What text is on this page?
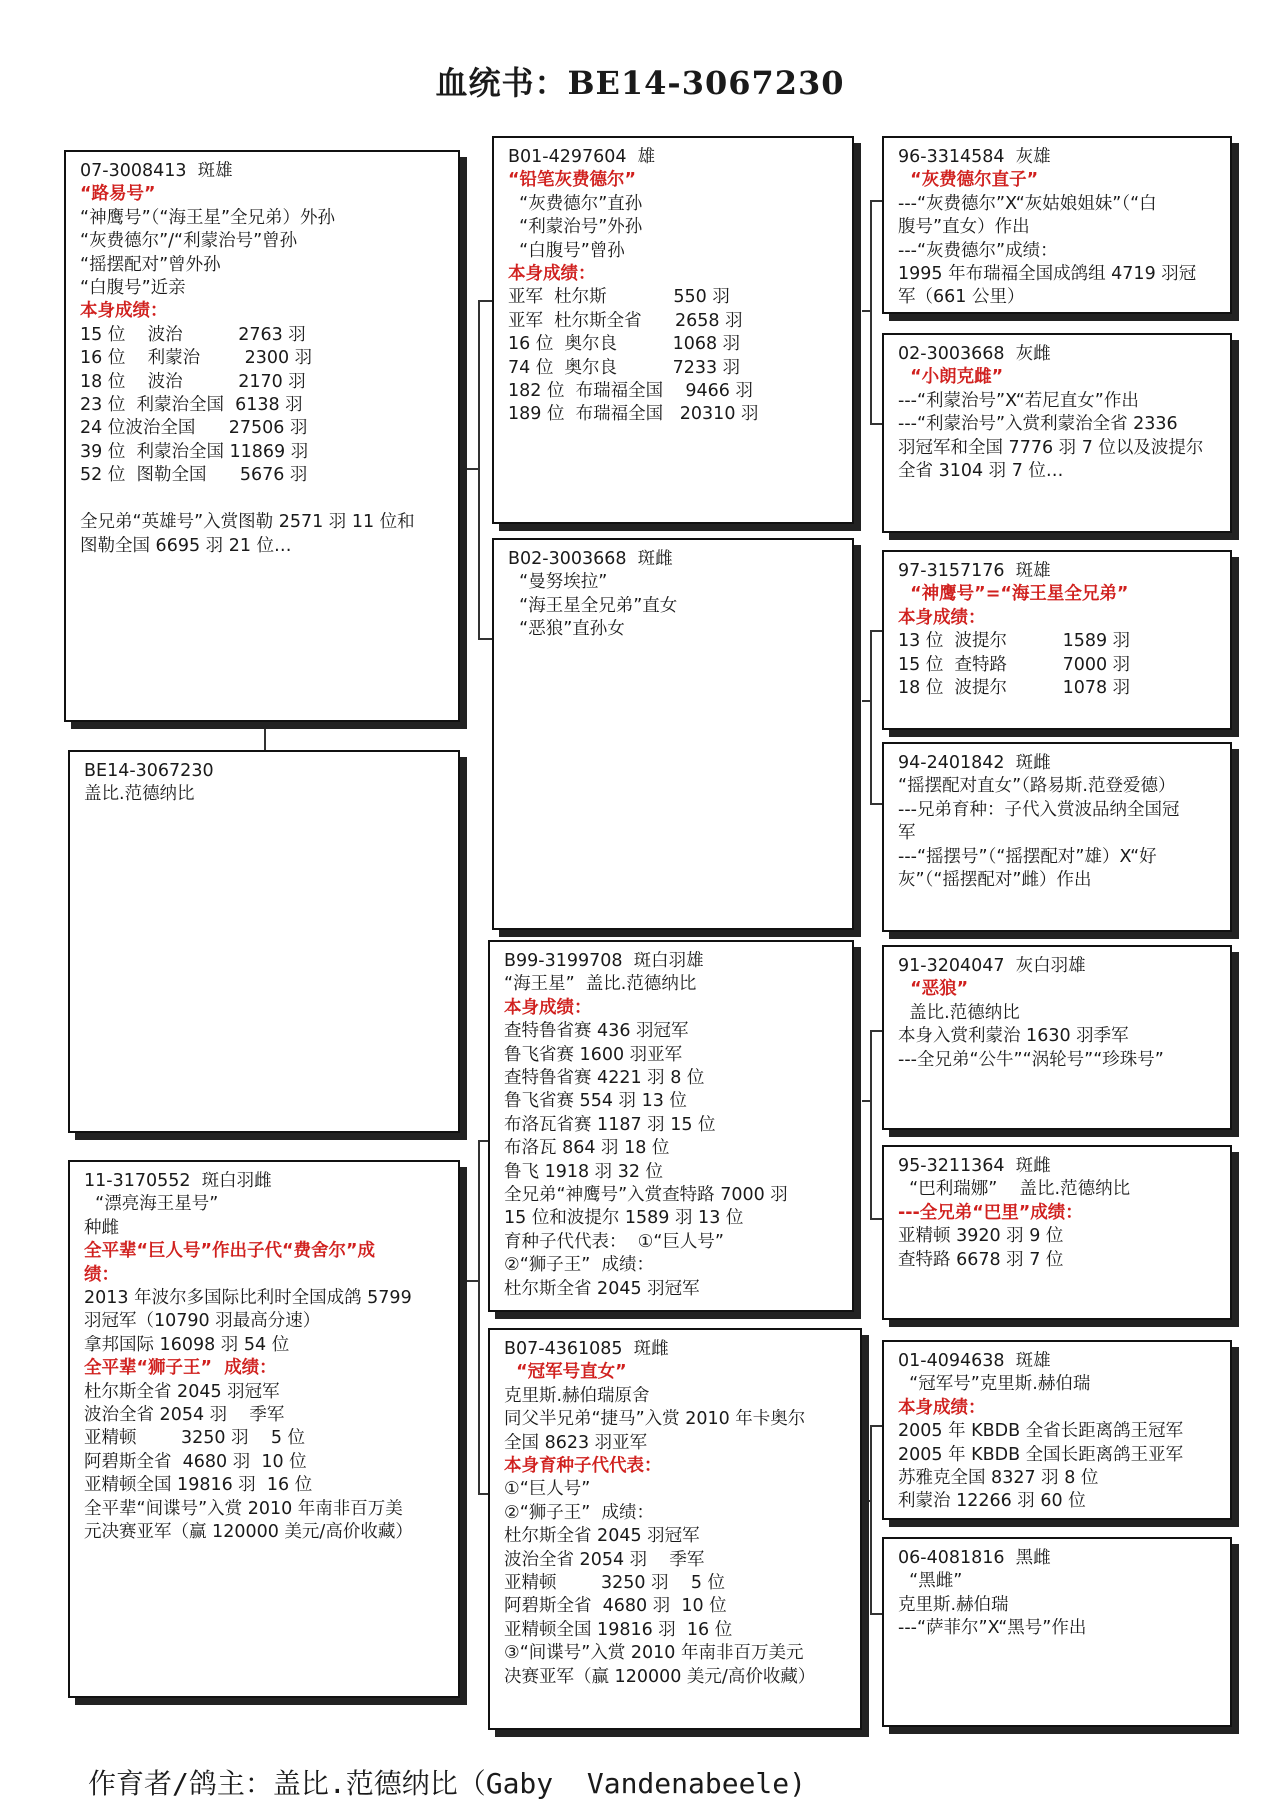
血统书：BE14-3067230
07-3008413  斑雄
“路易号”
“神鹰号”（“海王星”全兄弟）外孙
“灰费德尔”/“利蒙治号”曾孙
“摇摆配对”曾外孙
“白腹号”近亲
本身成绩：
15 位    波治          2763 羽
16 位    利蒙治        2300 羽
18 位    波治          2170 羽
23 位  利蒙治全国  6138 羽
24 位波治全国      27506 羽
39 位  利蒙治全国 11869 羽
52 位  图勒全国      5676 羽

全兄弟“英雄号”入赏图勒 2571 羽 11 位和
图勒全国 6695 羽 21 位…
BE14-3067230
盖比.范德纳比
11-3170552  斑白羽雌
“漂亮海王星号”
种雌
全平辈“巨人号”作出子代“费舍尔”成
绩：
2013 年波尔多国际比利时全国成鸽 5799
羽冠军（10790 羽最高分速）
拿邦国际 16098 羽 54 位
全平辈“狮子王”  成绩：
杜尔斯全省 2045 羽冠军
波治全省 2054 羽    季军
亚精顿        3250 羽    5 位
阿碧斯全省  4680 羽  10 位
亚精顿全国 19816 羽  16 位
全平辈“间谍号”入赏 2010 年南非百万美
元决赛亚军（赢 120000 美元/高价收藏）
B01-4297604  雄
“铅笔灰费德尔”
“灰费德尔”直孙
“利蒙治号”外孙
“白腹号”曾孙
本身成绩：
亚军  杜尔斯            550 羽
亚军  杜尔斯全省      2658 羽
16 位  奥尔良          1068 羽
74 位  奥尔良          7233 羽
182 位  布瑞福全国    9466 羽
189 位  布瑞福全国   20310 羽
B02-3003668  斑雌
“曼努埃拉”
“海王星全兄弟”直女
“恶狼”直孙女
B99-3199708  斑白羽雄
“海王星”  盖比.范德纳比
本身成绩：
查特鲁省赛 436 羽冠军
鲁飞省赛 1600 羽亚军
查特鲁省赛 4221 羽 8 位
鲁飞省赛 554 羽 13 位
布洛瓦省赛 1187 羽 15 位
布洛瓦 864 羽 18 位
鲁飞 1918 羽 32 位
全兄弟“神鹰号”入赏查特路 7000 羽
15 位和波提尔 1589 羽 13 位
育种子代代表：  ①“巨人号”
②“狮子王”  成绩：
杜尔斯全省 2045 羽冠军
B07-4361085  斑雌
“冠军号直女”
克里斯.赫伯瑞原舍
同父半兄弟“捷马”入赏 2010 年卡奥尔
全国 8623 羽亚军
本身育种子代代表：
①“巨人号”
②“狮子王”  成绩：
杜尔斯全省 2045 羽冠军
波治全省 2054 羽    季军
亚精顿        3250 羽    5 位
阿碧斯全省  4680 羽  10 位
亚精顿全国 19816 羽  16 位
③“间谍号”入赏 2010 年南非百万美元
决赛亚军（赢 120000 美元/高价收藏）
96-3314584  灰雄
“灰费德尔直子”
---“灰费德尔”X“灰姑娘姐妹”（“白
腹号”直女）作出
---“灰费德尔”成绩：
1995 年布瑞福全国成鸽组 4719 羽冠
军（661 公里）
02-3003668  灰雌
“小朗克雌”
---“利蒙治号”X“若尼直女”作出
---“利蒙治号”入赏利蒙治全省 2336
羽冠军和全国 7776 羽 7 位以及波提尔
全省 3104 羽 7 位…
97-3157176  斑雄
“神鹰号”=“海王星全兄弟”
本身成绩：
13 位  波提尔          1589 羽
15 位  查特路          7000 羽
18 位  波提尔          1078 羽
94-2401842  斑雌
“摇摆配对直女”（路易斯.范登爱德）
---兄弟育种：子代入赏波品纳全国冠
军
---“摇摆号”（“摇摆配对”雄）X“好
灰”（“摇摆配对”雌）作出
91-3204047  灰白羽雄
“恶狼”
盖比.范德纳比
本身入赏利蒙治 1630 羽季军
---全兄弟“公牛”“涡轮号”“珍珠号”
95-3211364  斑雌
“巴利瑞娜”    盖比.范德纳比
---全兄弟“巴里”成绩：
亚精顿 3920 羽 9 位
查特路 6678 羽 7 位
01-4094638  斑雄
“冠军号”克里斯.赫伯瑞
本身成绩：
2005 年 KBDB 全省长距离鸽王冠军
2005 年 KBDB 全国长距离鸽王亚军
苏雅克全国 8327 羽 8 位
利蒙治 12266 羽 60 位
06-4081816  黑雌
“黑雌”
克里斯.赫伯瑞
---“萨菲尔”X“黑号”作出
作育者/鸽主：盖比.范德纳比（Gaby  Vandenabeele)
